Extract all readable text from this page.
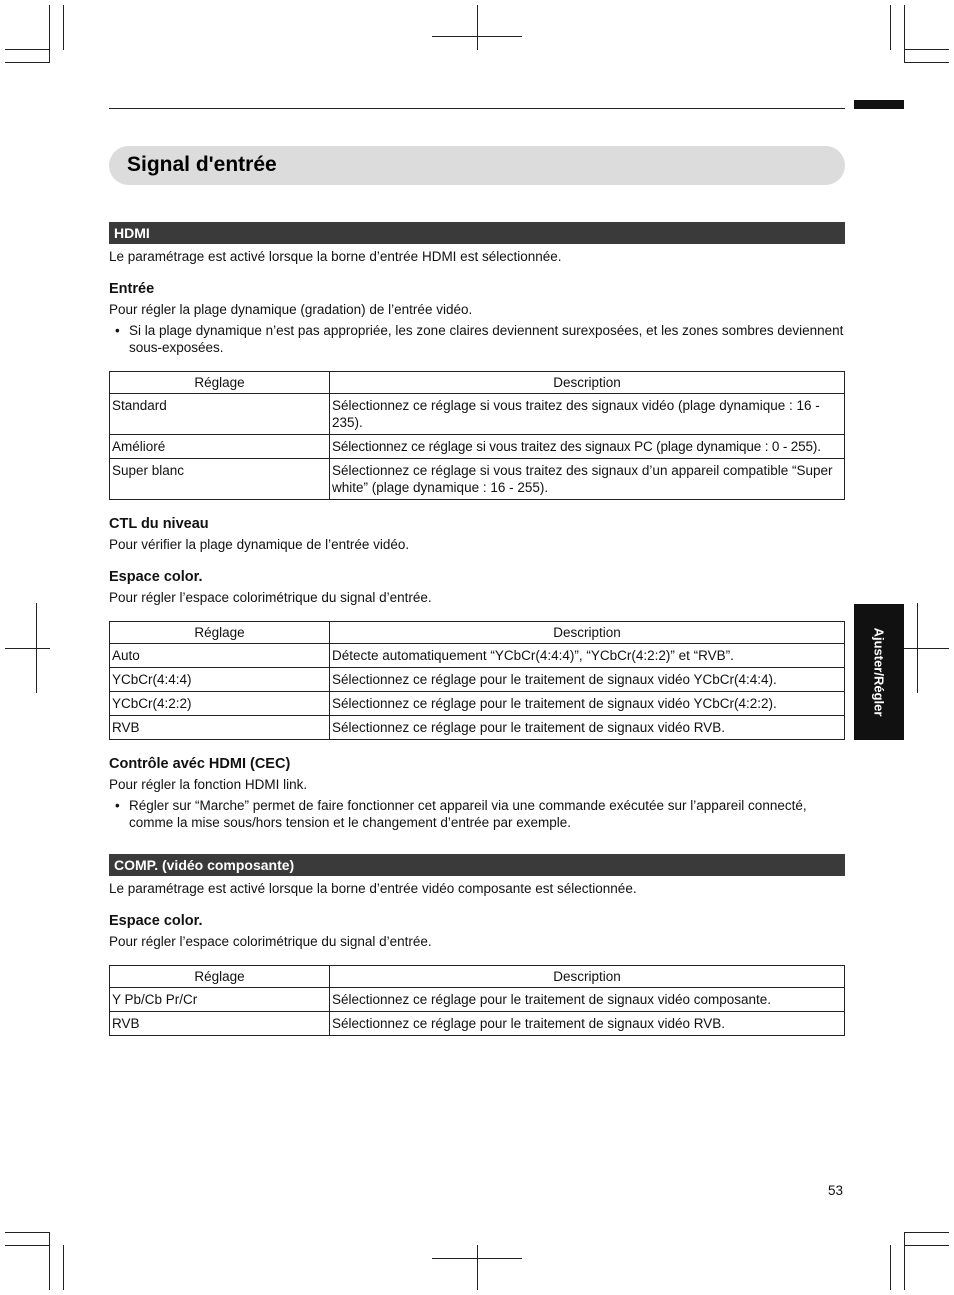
Signal d'entrée
HDMI

Le paramétrage est activé lorsque la borne d’entrée HDMI est sélectionnée.

Entrée

Pour régler la plage dynamique (gradation) de l’entrée vidéo.

• Si la plage dynamique n’est pas appropriée, les zone claires deviennent surexposées, et les zones sombres deviennent sous-exposées.
Réglage	Description
Standard	Sélectionnez ce réglage si vous traitez des signaux vidéo (plage dynamique : 16 - 235).
Amélioré	Sélectionnez ce réglage si vous traitez des signaux PC (plage dynamique : 0 - 255).
Super blanc	Sélectionnez ce réglage si vous traitez des signaux d’un appareil compatible “Super white” (plage dynamique : 16 - 255).
CTL du niveau

Pour vérifier la plage dynamique de l’entrée vidéo.

Espace color.

Pour régler l’espace colorimétrique du signal d’entrée.

Réglage	Description
Auto	Détecte automatiquement “YCbCr(4:4:4)”, “YCbCr(4:2:2)” et “RVB”.
YCbCr(4:4:4)	Sélectionnez ce réglage pour le traitement de signaux vidéo YCbCr(4:4:4).
YCbCr(4:2:2)	Sélectionnez ce réglage pour le traitement de signaux vidéo YCbCr(4:2:2).
RVB	Sélectionnez ce réglage pour le traitement de signaux vidéo RVB.
Contrôle avéc HDMI (CEC)

Pour régler la fonction HDMI link.

• Régler sur “Marche” permet de faire fonctionner cet appareil via une commande exécutée sur l’appareil connecté, comme la mise sous/hors tension et le changement d’entrée par exemple.
COMP. (vidéo composante)

Le paramétrage est activé lorsque la borne d’entrée vidéo composante est sélectionnée.

Espace color.

Pour régler l’espace colorimétrique du signal d’entrée.

Réglage	Description
Y Pb/Cb Pr/Cr	Sélectionnez ce réglage pour le traitement de signaux vidéo composante.
RVB	Sélectionnez ce réglage pour le traitement de signaux vidéo RVB.
Ajuster/Régler
53
